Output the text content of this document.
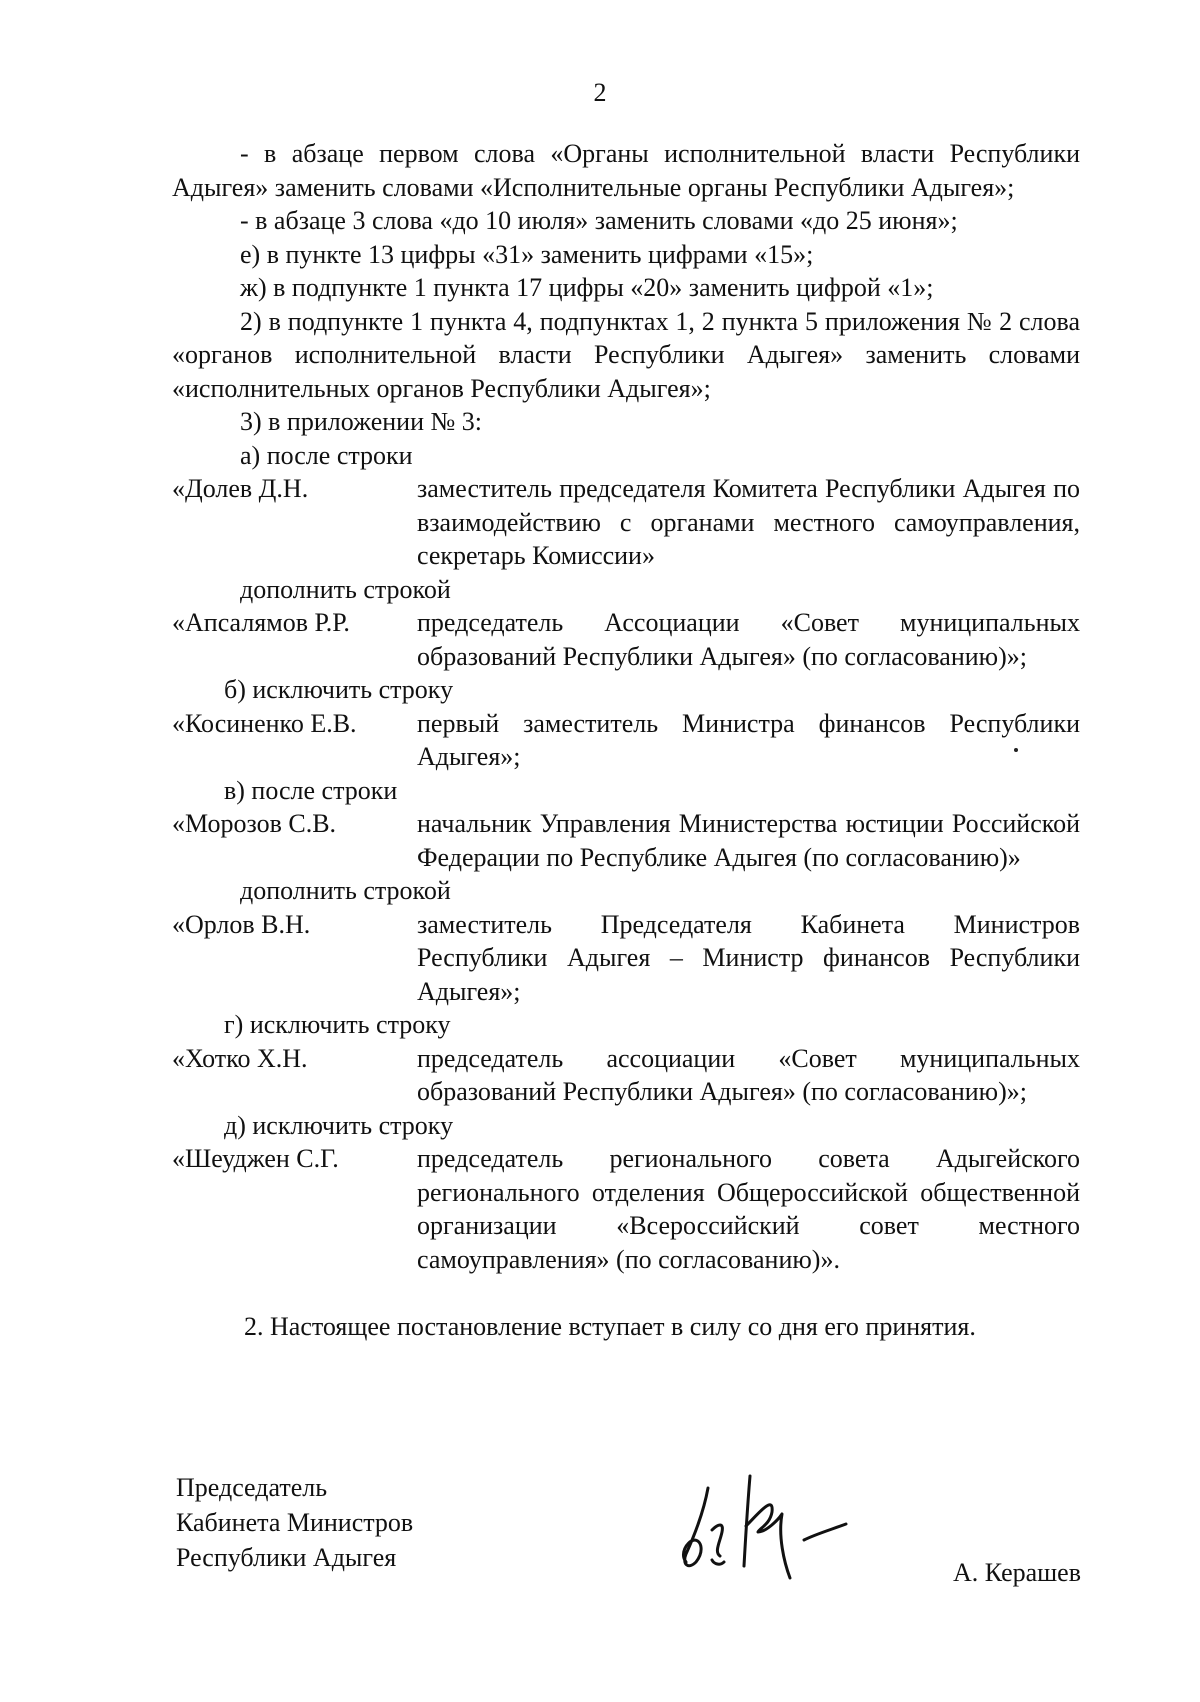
2

- в абзаце первом слова «Органы исполнительной власти Республики Адыгея» заменить словами «Исполнительные органы Республики Адыгея»;

- в абзаце 3 слова «до 10 июля» заменить словами «до 25 июня»;

е) в пункте 13 цифры «31» заменить цифрами «15»;

ж) в подпункте 1 пункта 17 цифры «20» заменить цифрой «1»;

2) в подпункте 1 пункта 4, подпунктах 1, 2 пункта 5 приложения № 2 слова «органов исполнительной власти Республики Адыгея» заменить словами «исполнительных органов Республики Адыгея»;

3) в приложении № 3:

а) после строки

«Долев Д.Н.	заместитель председателя Комитета Республики Адыгея по взаимодействию с органами местного самоуправления, секретарь Комиссии»

дополнить строкой

«Апсалямов Р.Р.	председатель Ассоциации «Совет муниципальных образований Республики Адыгея» (по согласованию)»;

б) исключить строку

«Косиненко Е.В.	первый заместитель Министра финансов Республики Адыгея»;

в) после строки

«Морозов С.В.	начальник Управления Министерства юстиции Российской Федерации по Республике Адыгея (по согласованию)»

дополнить строкой

«Орлов В.Н.	заместитель Председателя Кабинета Министров Республики Адыгея – Министр финансов Республики Адыгея»;

г) исключить строку

«Хотко Х.Н.	председатель ассоциации «Совет муниципальных образований Республики Адыгея» (по согласованию)»;

д) исключить строку

«Шеуджен С.Г.	председатель регионального совета Адыгейского регионального отделения Общероссийской общественной организации «Всероссийский совет местного самоуправления» (по согласованию)».

2. Настоящее постановление вступает в силу со дня его принятия.

Председатель
Кабинета Министров
Республики Адыгея
А. Керашев
